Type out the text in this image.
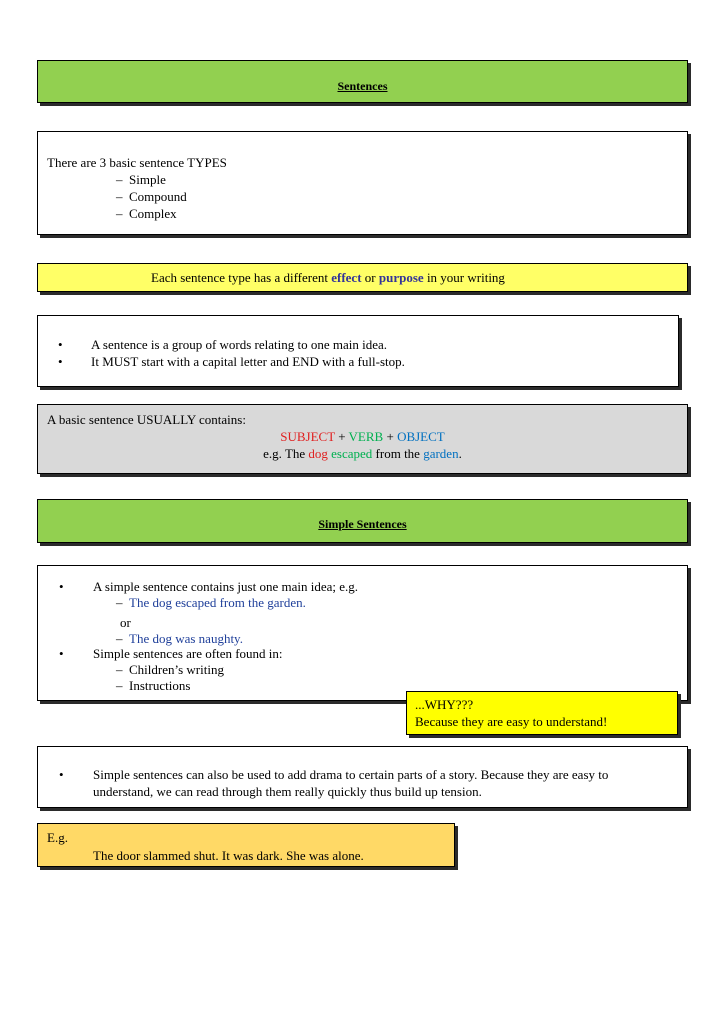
Sentences
There are 3 basic sentence TYPES
– Simple
– Compound
– Complex
Each sentence type has a different effect or purpose in your writing
• A sentence is a group of words relating to one main idea.
• It MUST start with a capital letter and END with a full-stop.
A basic sentence USUALLY contains:
SUBJECT + VERB + OBJECT
e.g. The dog escaped from the garden.
Simple Sentences
• A simple sentence contains just one main idea; e.g.
– The dog escaped from the garden.
or
– The dog was naughty.
• Simple sentences are often found in:
– Children’s writing
– Instructions
...WHY???
Because they are easy to understand!
• Simple sentences can also be used to add drama to certain parts of a story. Because they are easy to
understand, we can read through them really quickly thus build up tension.
E.g.
The door slammed shut. It was dark. She was alone.
